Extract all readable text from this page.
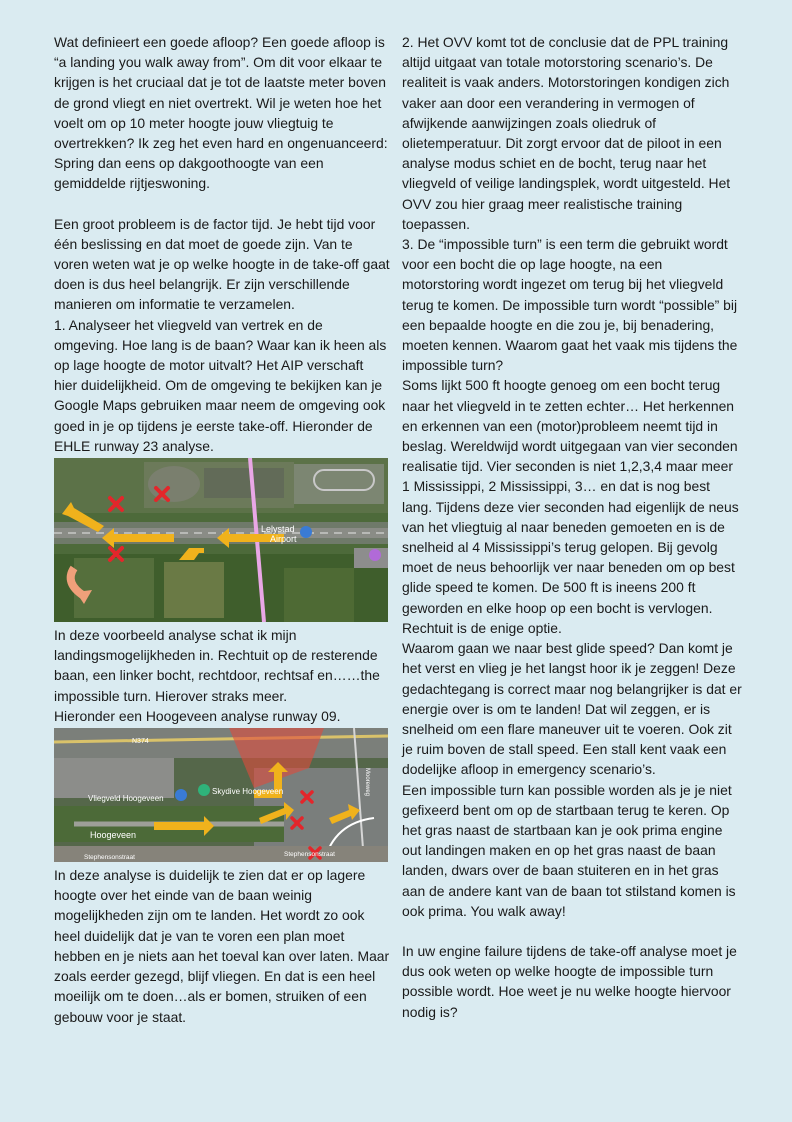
Wat definieert een goede afloop? Een goede afloop is “a landing you walk away from”. Om dit voor elkaar te krijgen is het cruciaal dat je tot de laatste meter boven de grond vliegt en niet overtrekt. Wil je weten hoe het voelt om op 10 meter hoogte jouw vliegtuig te overtrekken? Ik zeg het even hard en ongenuanceerd: Spring dan eens op dakgoothoogte van een gemiddelde rijtjeswoning.

Een groot probleem is de factor tijd. Je hebt tijd voor één beslissing en dat moet de goede zijn. Van te voren weten wat je op welke hoogte in de take-off gaat doen is dus heel belangrijk. Er zijn verschillende manieren om informatie te verzamelen.

1. Analyseer het vliegveld van vertrek en de omgeving. Hoe lang is de baan? Waar kan ik heen als op lage hoogte de motor uitvalt? Het AIP verschaft hier duidelijkheid. Om de omgeving te bekijken kan je Google Maps gebruiken maar neem de omgeving ook goed in je op tijdens je eerste take-off. Hieronder de EHLE runway 23 analyse.

Lelystad
Airport

In deze voorbeeld analyse schat ik mijn landingsmogelijkheden in. Rechtuit op de resterende baan, een linker bocht, rechtdoor, rechtsaf en……the impossible turn. Hierover straks meer.

Hieronder een Hoogeveen analyse runway 09.

N374
Vliegveld Hoogeveen
Skydive Hoogeveen
Hoogeveen
Stephensonstraat	Stephensonstraat
Mooreweg

In deze analyse is duidelijk te zien dat er op lagere hoogte over het einde van de baan weinig mogelijkheden zijn om te landen. Het wordt zo ook heel duidelijk dat je van te voren een plan moet hebben en je niets aan het toeval kan over laten. Maar zoals eerder gezegd, blijf vliegen. En dat is een heel moeilijk om te doen…als er bomen, struiken of een gebouw voor je staat.

2. Het OVV komt tot de conclusie dat de PPL training altijd uitgaat van totale motorstoring scenario’s. De realiteit is vaak anders. Motorstoringen kondigen zich vaker aan door een verandering in vermogen of afwijkende aanwijzingen zoals oliedruk of olietemperatuur. Dit zorgt ervoor dat de piloot in een analyse modus schiet en de bocht, terug naar het vliegveld of veilige landingsplek, wordt uitgesteld. Het OVV zou hier graag meer realistische training toepassen.

3. De “impossible turn” is een term die gebruikt wordt voor een bocht die op lage hoogte, na een motorstoring wordt ingezet om terug bij het vliegveld terug te komen. De impossible turn wordt “possible” bij een bepaalde hoogte en die zou je, bij benadering, moeten kennen. Waarom gaat het vaak mis tijdens the impossible turn?

Soms lijkt 500 ft hoogte genoeg om een bocht terug naar het vliegveld in te zetten echter… Het herkennen en erkennen van een (motor)probleem neemt tijd in beslag. Wereldwijd wordt uitgegaan van vier seconden realisatie tijd. Vier seconden is niet 1,2,3,4 maar meer 1 Mississippi, 2 Mississippi, 3… en dat is nog best lang. Tijdens deze vier seconden had eigenlijk de neus van het vliegtuig al naar beneden gemoeten en is de snelheid al 4 Mississippi’s terug gelopen. Bij gevolg moet de neus behoorlijk ver naar beneden om op best glide speed te komen. De 500 ft is ineens 200 ft geworden en elke hoop op een bocht is vervlogen. Rechtuit is de enige optie.

Waarom gaan we naar best glide speed? Dan komt je het verst en vlieg je het langst hoor ik je zeggen! Deze gedachtegang is correct maar nog belangrijker is dat er energie over is om te landen! Dat wil zeggen, er is snelheid om een flare maneuver uit te voeren. Ook zit je ruim boven de stall speed. Een stall kent vaak een dodelijke afloop in emergency scenario’s.

Een impossible turn kan possible worden als je je niet gefixeerd bent om op de startbaan terug te keren. Op het gras naast de startbaan kan je ook prima engine out landingen maken en op het gras naast de baan landen, dwars over de baan stuiteren en in het gras aan de andere kant van de baan tot stilstand komen is ook prima. You walk away!

In uw engine failure tijdens de take-off analyse moet je dus ook weten op welke hoogte de impossible turn possible wordt. Hoe weet je nu welke hoogte hiervoor nodig is?
